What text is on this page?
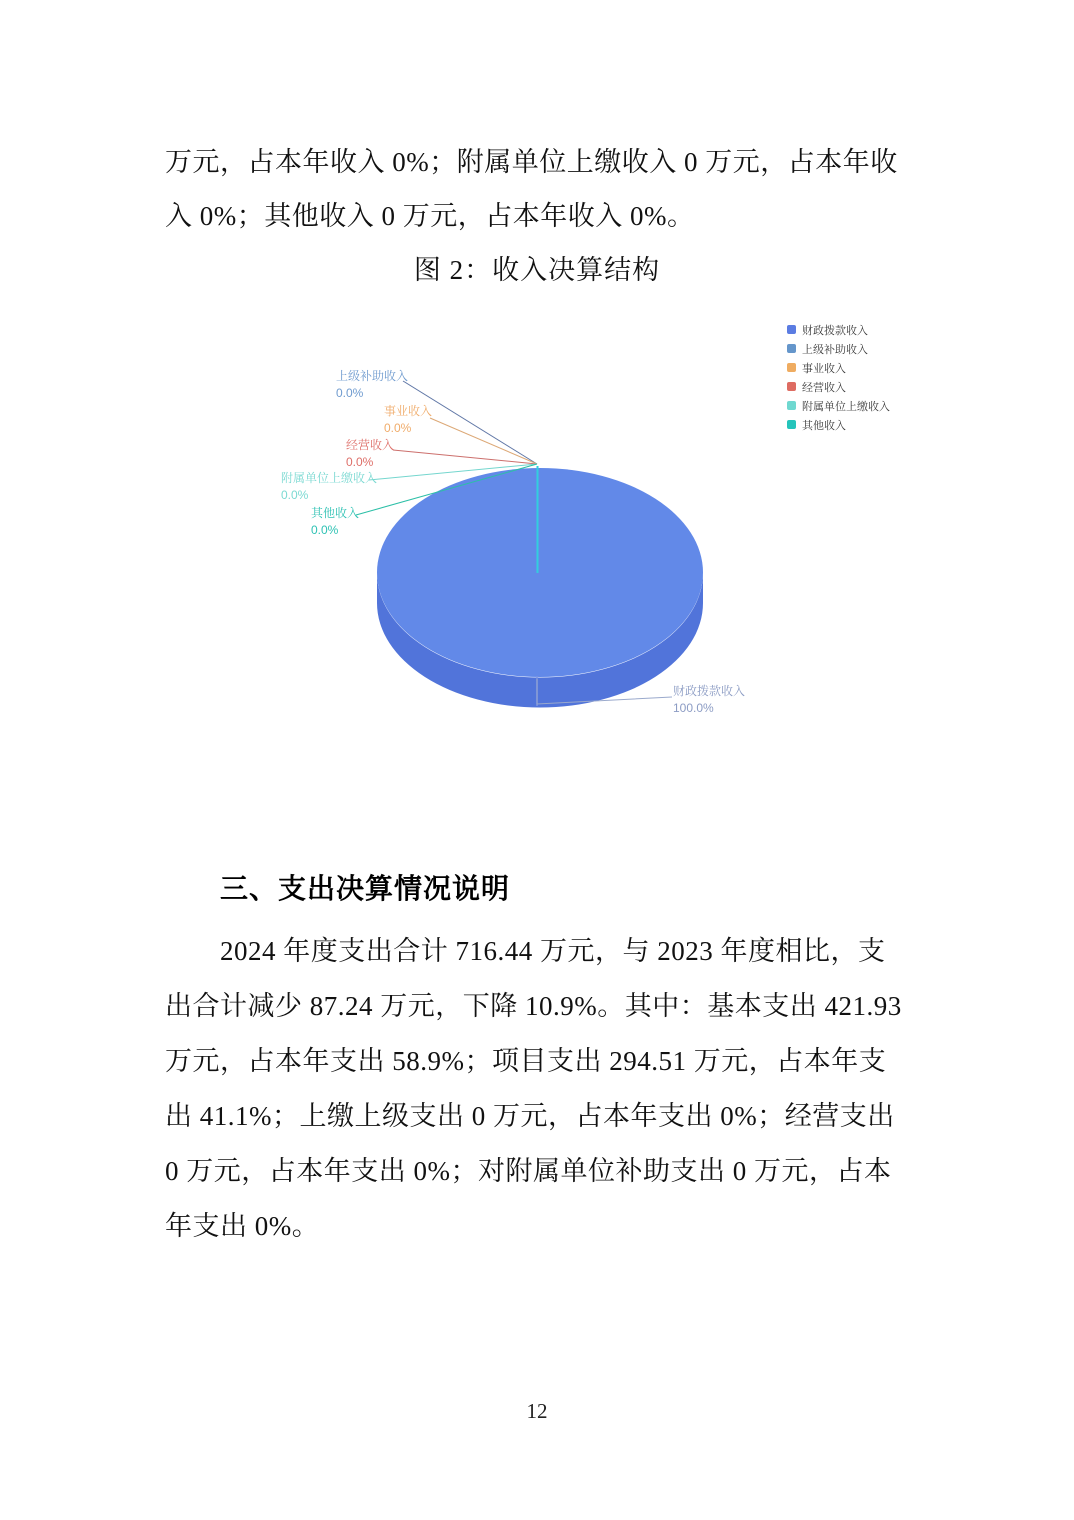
万元，占本年收入 0%；附属单位上缴收入 0 万元，占本年收
入 0%；其他收入 0 万元，占本年收入 0%。
图 2：收入决算结构
财政拨款收入
上级补助收入
事业收入
经营收入
附属单位上缴收入
其他收入
上级补助收入
0.0%
事业收入
0.0%
经营收入
0.0%
附属单位上缴收入
0.0%
其他收入
0.0%
财政拨款收入
100.0%
三、支出决算情况说明
2024 年度支出合计 716.44 万元，与 2023 年度相比，支
出合计减少 87.24 万元，下降 10.9%。其中：基本支出 421.93
万元，占本年支出 58.9%；项目支出 294.51 万元，占本年支
出 41.1%；上缴上级支出 0 万元，占本年支出 0%；经营支出
0 万元，占本年支出 0%；对附属单位补助支出 0 万元，占本
年支出 0%。
12
